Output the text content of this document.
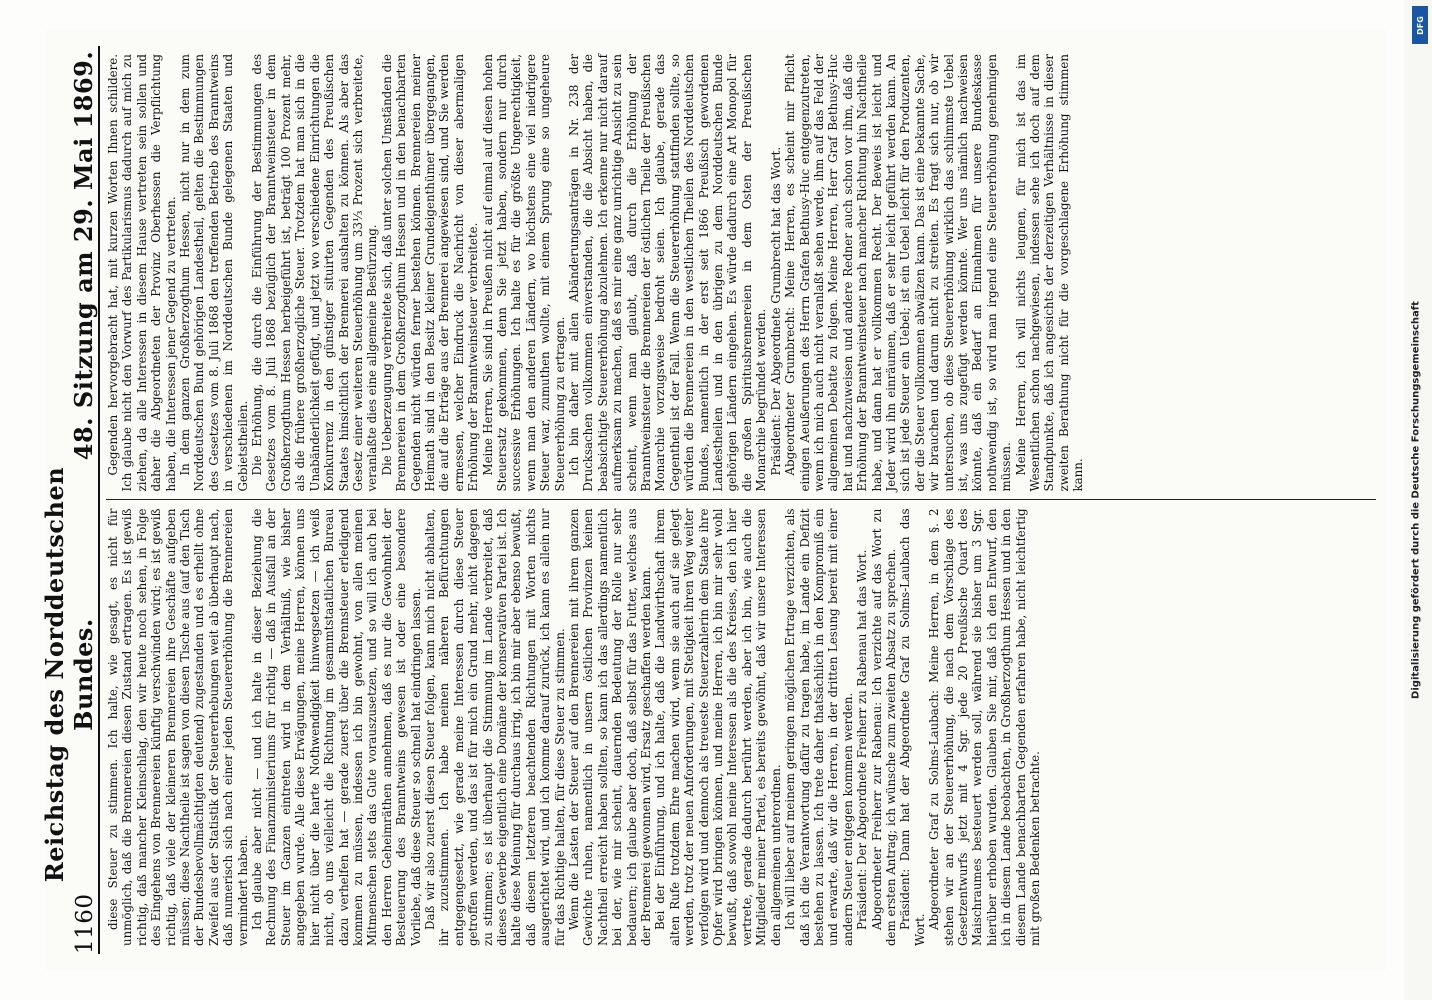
1160
Reichstag des Norddeutschen Bundes.
48. Sitzung am 29. Mai 1869.

diese Steuer zu stimmen. Ich halte, wie gesagt, es nicht für unmöglich, daß die Brennereien diesen Zustand ertragen. Es ist gewiß richtig, daß mancher Kleinschlag, den wir heute noch sehen, in Folge des Eingehens von Brennereien künftig verschwinden wird; es ist gewiß richtig, daß viele der kleineren Brennereien ihre Geschäfte aufgeben müssen; diese Nachtheile ist sagen von diesen Tische aus (auf den Tisch der Bundesbevollmächtigten deutend) zugestanden und es erhellt ohne Zweifel aus der Statistik der Steuererhebungen weit ab überhaupt nach, daß numerisch sich nach einer jeden Steuererhöhung die Brennereien vermindert haben. Ich glaube aber nicht — und ich halte in dieser Beziehung die Rechnung des Finanzministeriums für richtig — daß in Ausfall an der Steuer im Ganzen eintreten wird in dem Verhältniß, wie bisher angegeben wurde. Alle diese Erwägungen, meine Herren, können uns hier nicht über die harte Nothwendigkeit hinwegsetzen — ich weiß nicht, ob uns vielleicht die Richtung im gesammtstaatlichen Bureau dazu verhelfen hat — gerade zuerst über die Brennsteuer erledigend kommen zu müssen, indessen ich bin gewohnt, von allen meinen Mitmenschen stets das Gute vorauszusetzen, und so will ich auch bei den Herren Geheimräthen annehmen, daß es nur die Gewohnheit der Besteuerung des Branntweins gewesen ist oder eine besondere Vorliebe, daß diese Steuer so schnell hat eindringen lassen. Daß wir also zuerst diesen Steuer folgen, kann mich nicht abhalten, ihr zuzustimmen. Ich habe meinen näheren Befürchtungen entgegengesetzt, wie gerade meine Interessen durch diese Steuer getroffen werden, und das ist für mich ein Grund mehr, nicht dagegen zu stimmen; es ist überhaupt die Stimmung im Lande verbreitet, daß dieses Gewerbe eigentlich eine Domäne der konservativen Partei ist. Ich halte diese Meinung für durchaus irrig, ich bin mir aber ebenso bewußt, daß diesem letzteren beachtenden Richtungen mit Worten nichts ausgerichtet wird, und ich komme darauf zurück, ich kann es allein nur für das Richtige halten, für diese Steuer zu stimmen. Wenn die Lasten der Steuer auf den Brennereien mit ihrem ganzen Gewichte ruhen, namentlich in unsern östlichen Provinzen keinen Nachtheil erreicht haben sollten, so kann ich das allerdings namentlich bei der, wie mir scheint, dauernden Bedeutung der Rolle nur sehr bedauern; ich glaube aber doch, daß selbst für das Futter, welches aus der Brennerei gewonnen wird, Ersatz geschaffen werden kann. Bei der Einführung, und ich halte, daß die Landwirthschaft ihrem alten Rufe trotzdem Ehre machen wird, wenn sie auch auf sie gelegt werden, trotz der neuen Anforderungen, mit Stetigkeit ihren Weg weiter verfolgen wird und dennoch als treueste Steuerzahlerin dem Staate ihre Opfer wird bringen können, und meine Herren, ich bin mir sehr wohl bewußt, daß sowohl meine Interessen als die des Kreises, den ich hier vertrete, gerade dadurch berührt werden, aber ich bin, wie auch die Mitglieder meiner Partei, es bereits gewöhnt, daß wir unsere Interessen den allgemeinen unterordnen. Ich will lieber auf meinem geringen möglichen Ertrage verzichten, als daß ich die Verantwortung dafür zu tragen habe, im Lande ein Defizit bestehen zu lassen. Ich trete daher thatsächlich in den Kompromiß ein und erwarte, daß wir die Herren, in der dritten Lesung bereit mit einer andern Steuer entgegen kommen werden. Präsident: Der Abgeordnete Freiherr zu Rabenau hat das Wort. Abgeordneter Freiherr zur Rabenau: Ich verzichte auf das Wort zu dem ersten Antrag; ich wünsche zum zweiten Absatz zu sprechen. Präsident: Dann hat der Abgeordnete Graf zu Solms-Laubach das Wort. Abgeordneter Graf zu Solms-Laubach: Meine Herren, in dem §. 2 stehen wir an der Steuererhöhung, die nach dem Vorschlage des Gesetzentwurfs jetzt mit 4 Sgr. jede 20 Preußische Quart des Maischraumes besteuert werden soll, während sie bisher um 3 Sgr. hierüber erhoben wurden. Glauben Sie mir, daß ich den Entwurf, den ich in diesem Lande beobachten, in Großherzogthum Hessen und in den diesem Lande benachbarten Gegenden erfahren habe, nicht leichtfertig mit großen Bedenken betrachte.

Gegenden hervorgebracht hat, mit kurzen Worten Ihnen schildere. Ich glaube nicht den Vorwurf des Partikularismus dadurch auf mich zu ziehen, da alle Interessen in diesem Hause vertreten sein sollen und daher die Abgeordneten der Provinz Oberhessen die Verpflichtung haben, die Interessen jener Gegend zu vertreten. In dem ganzen Großherzogthum Hessen, nicht nur in dem zum Norddeutschen Bund gehörigen Landestheil, gelten die Bestimmungen des Gesetzes vom 8. Juli 1868 den treffenden Betrieb des Branntweins in verschiedenen im Norddeutschen Bunde gelegenen Staaten und Gebietstheilen. Die Erhöhung, die durch die Einführung der Bestimmungen des Gesetzes vom 8. Juli 1868 bezüglich der Branntweinsteuer in dem Großherzogthum Hessen herbeigeführt ist, beträgt 100 Prozent mehr, als die frühere großherzogliche Steuer. Trotzdem hat man sich in die Unabänderlichkeit gefügt, und jetzt wo verschiedene Einrichtungen die Konkurrenz in den günstiger situirten Gegenden des Preußischen Staates hinsichtlich der Brennerei aushalten zu können. Als aber das Gesetz einer weiteren Steuerhöhung um 33⅓ Prozent sich verbreitete, veranlaßte dies eine allgemeine Bestürzung. Die Ueberzeugung verbreitete sich, daß unter solchen Umständen die Brennereien in dem Großherzogthum Hessen und in den benachbarten Gegenden nicht würden ferner bestehen können. Brennereien meiner Heimath sind in den Besitz kleiner Grundeigenthümer übergegangen, die auf die Erträge aus der Brennerei angewiesen sind, und Sie werden ermessen, welcher Eindruck die Nachricht von dieser abermaligen Erhöhung der Branntweinsteuer verbreitete. Meine Herren, Sie sind in Preußen nicht auf einmal auf diesen hohen Steuersatz gekommen, denn Sie jetzt haben, sondern nur durch successive Erhöhungen. Ich halte es für die größte Ungerechtigkeit, wenn man den anderen Ländern, wo höchstens eine viel niedrigere Steuer war, zumuthen wollte, mit einem Sprung eine so ungeheure Steuererhöhung zu ertragen. Ich bin daher mit allen Abänderungsanträgen in Nr. 238 der Drucksachen vollkommen einverstanden, die die Absicht haben, die beabsichtigte Steuererhöhung abzulehnen. Ich erkenne nur nicht darauf aufmerksam zu machen, daß es mir eine ganz unrichtige Ansicht zu sein scheint, wenn man glaubt, daß durch die Erhöhung der Branntweinsteuer die Brennereien der östlichen Theile der Preußischen Monarchie vorzugsweise bedroht seien. Ich glaube, gerade das Gegentheil ist der Fall. Wenn die Steuererhöhung stattfinden sollte, so würden die Brennereien in den westlichen Theilen des Norddeutschen Bundes, namentlich in der erst seit 1866 Preußisch gewordenen Landestheilen und in den übrigen zu dem Norddeutschen Bunde gehörigen Ländern eingehen. Es würde dadurch eine Art Monopol für die großen Spiritusbrennereien in dem Osten der Preußischen Monarchie begründet werden. Präsident: Der Abgeordnete Grumbrecht hat das Wort. Abgeordneter Grumbrecht: Meine Herren, es scheint mir Pflicht einigen Aeußerungen des Herrn Grafen Bethusy-Huc entgegenzutreten, wenn ich mich auch nicht veranlaßt sehen werde, ihm auf das Feld der allgemeinen Debatte zu folgen. Meine Herren, Herr Graf Bethusy-Huc hat und nachzuweisen und andere Redner auch schon vor ihm, daß die Erhöhung der Branntweinsteuer nach mancher Richtung hin Nachtheile habe, und dann hat er vollkommen Recht. Der Beweis ist leicht und Jeder wird ihn einräumen, daß er sehr leicht geführt werden kann. An sich ist jede Steuer ein Uebel; ist ein Uebel leicht für den Produzenten, der die Steuer vollkommen abwälzen kann. Das ist eine bekannte Sache, wir brauchen und darum nicht zu streiten. Es fragt sich nur, ob wir untersuchen, ob diese Steuererhöhung wirklich das schlimmste Uebel ist, was uns zugefügt werden könnte. Wer uns nämlich nachweisen könnte, daß ein Bedarf an Einnahmen für unsere Bundeskasse nothwendig ist, so wird man irgend eine Steuererhöhung genehmigen müssen. Meine Herren, ich will nichts leugnen, für mich ist das im Wesentlichen schon nachgewiesen, indessen sehe ich doch auf dem Standpunkte, daß ich angesichts der derzeitigen Verhältnisse in dieser zweiten Berathung nicht für die vorgeschlagene Erhöhung stimmen kann.

DFG
Digitalisierung gefördert durch die Deutsche Forschungsgemeinschaft
